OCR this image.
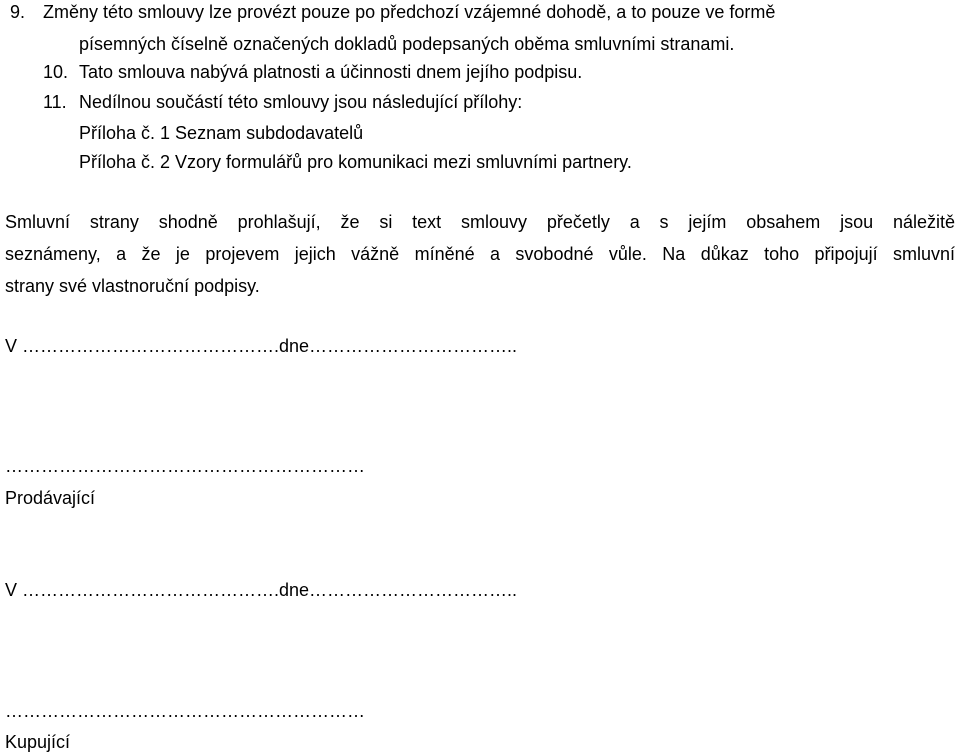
9. Změny této smlouvy lze provézt pouze po předchozí vzájemné dohodě, a to pouze ve formě
písemných číselně označených dokladů podepsaných oběma smluvními stranami.
10. Tato smlouva nabývá platnosti a účinnosti dnem jejího podpisu.
11. Nedílnou součástí této smlouvy jsou následující přílohy:
Příloha č. 1 Seznam subdodavatelů
Příloha č. 2 Vzory formulářů pro komunikaci mezi smluvními partnery.
Smluvní strany shodně prohlašují, že si text smlouvy přečetly a s jejím obsahem jsou náležitě
seznámeny, a že je projevem jejich vážně míněné a svobodné vůle. Na důkaz toho připojují smluvní
strany své vlastnoruční podpisy.
V …………………………………….dne……………………………..
……………………………………………………
Prodávající
V …………………………………….dne……………………………..
……………………………………………………
Kupující
